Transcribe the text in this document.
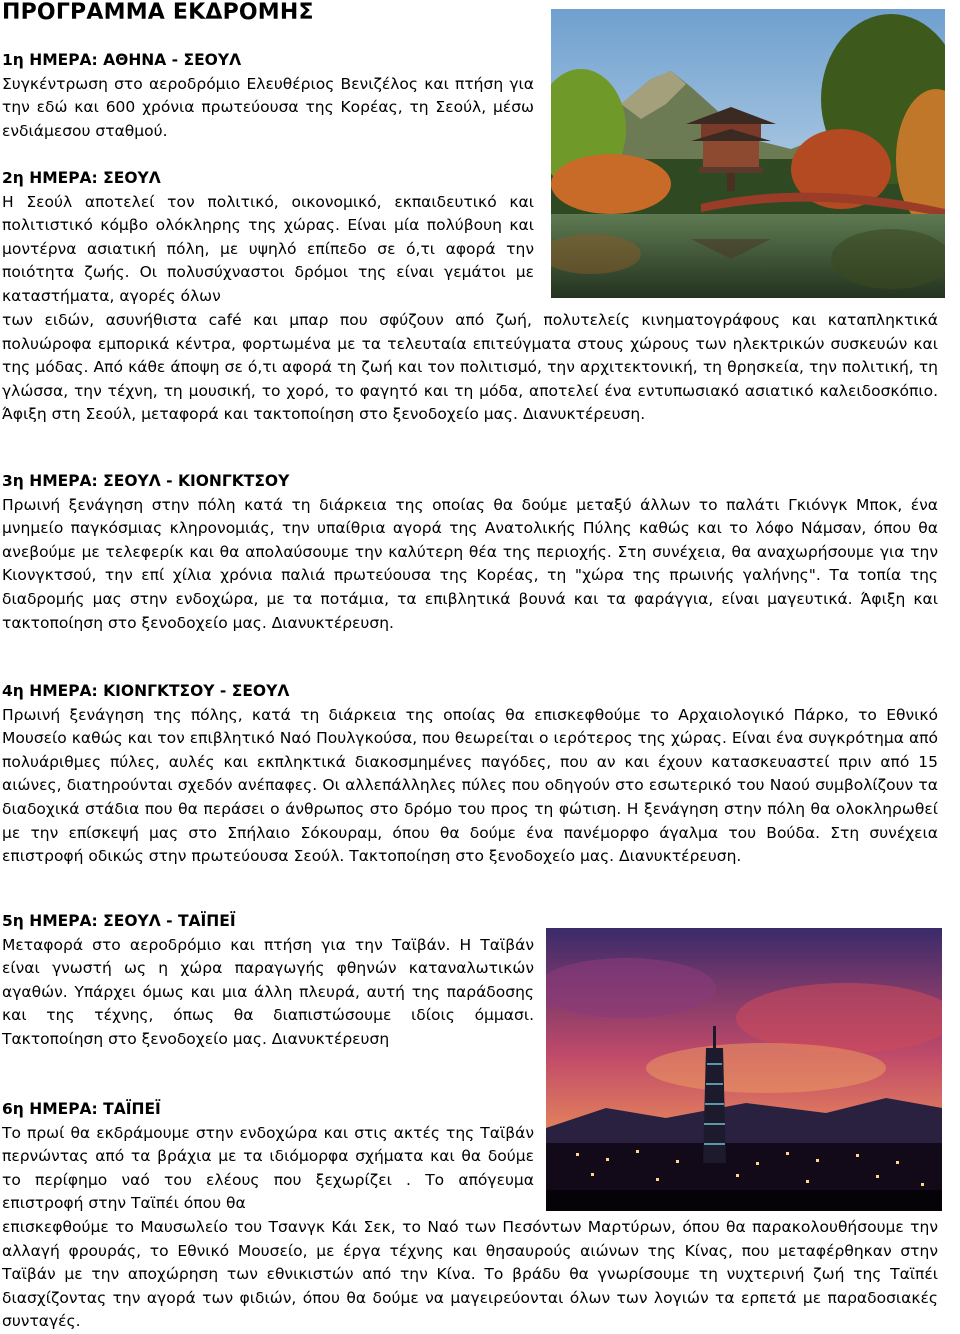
ΠΡΟΓΡΑΜΜΑ ΕΚΔΡΟΜΗΣ
1η ΗΜΕΡΑ: ΑΘΗΝΑ - ΣΕΟΥΛ

Συγκέντρωση στο αεροδρόμιο Ελευθέριος Βενιζέλος και πτήση για την εδώ και 600 χρόνια πρωτεύουσα της Κορέας, τη Σεούλ, μέσω ενδιάμεσου σταθμού.

2η ΗΜΕΡΑ: ΣΕΟΥΛ

Η Σεούλ αποτελεί τον πολιτικό, οικονομικό, εκπαιδευτικό και πολιτιστικό κόμβο ολόκληρης της χώρας. Είναι μία πολύβουη και μοντέρνα ασιατική πόλη, με υψηλό επίπεδο σε ό,τι αφορά την ποιότητα ζωής. Οι πολυσύχναστοι δρόμοι της είναι γεμάτοι με καταστήματα, αγορές όλων

των ειδών, ασυνήθιστα café και μπαρ που σφύζουν από ζωή, πολυτελείς κινηματογράφους και καταπληκτικά πολυώροφα εμπορικά κέντρα, φορτωμένα με τα τελευταία επιτεύγματα στους χώρους των ηλεκτρικών συσκευών και της μόδας. Από κάθε άποψη σε ό,τι αφορά τη ζωή και τον πολιτισμό, την αρχιτεκτονική, τη θρησκεία, την πολιτική, τη γλώσσα, την τέχνη, τη μουσική, το χορό, το φαγητό και τη μόδα, αποτελεί ένα εντυπωσιακό ασιατικό καλειδοσκόπιο. Άφιξη στη Σεούλ, μεταφορά και τακτοποίηση στο ξενοδοχείο μας. Διανυκτέρευση.

3η ΗΜΕΡΑ: ΣΕΟΥΛ - ΚΙΟΝΓΚΤΣΟΥ

Πρωινή ξενάγηση στην πόλη κατά τη διάρκεια της οποίας θα δούμε μεταξύ άλλων το παλάτι Γκιόνγκ Μποκ, ένα μνημείο παγκόσμιας κληρονομιάς, την υπαίθρια αγορά της Ανατολικής Πύλης καθώς και το λόφο Νάμσαν, όπου θα ανεβούμε με τελεφερίκ και θα απολαύσουμε την καλύτερη θέα της περιοχής. Στη συνέχεια, θα αναχωρήσουμε για την Κιονγκτσού, την επί χίλια χρόνια παλιά πρωτεύουσα της Κορέας, τη "χώρα της πρωινής γαλήνης". Τα τοπία της διαδρομής μας στην ενδοχώρα, με τα ποτάμια, τα επιβλητικά βουνά και τα φαράγγια, είναι μαγευτικά. Άφιξη και τακτοποίηση στο ξενοδοχείο μας. Διανυκτέρευση.

4η ΗΜΕΡΑ: ΚΙΟΝΓΚΤΣΟΥ - ΣΕΟΥΛ

Πρωινή ξενάγηση της πόλης, κατά τη διάρκεια της οποίας θα επισκεφθούμε το Αρχαιολογικό Πάρκο, το Εθνικό Μουσείο καθώς και τον επιβλητικό Ναό Πουλγκούσα, που θεωρείται ο ιερότερος της χώρας. Είναι ένα συγκρότημα από πολυάριθμες πύλες, αυλές και εκπληκτικά διακοσμημένες παγόδες, που αν και έχουν κατασκευαστεί πριν από 15 αιώνες, διατηρούνται σχεδόν ανέπαφες. Οι αλλεπάλληλες πύλες που οδηγούν στο εσωτερικό του Ναού συμβολίζουν τα διαδοχικά στάδια που θα περάσει ο άνθρωπος στο δρόμο του προς τη φώτιση. Η ξενάγηση στην πόλη θα ολοκληρωθεί με την επίσκεψή μας στο Σπήλαιο Σόκουραμ, όπου θα δούμε ένα πανέμορφο άγαλμα του Βούδα. Στη συνέχεια επιστροφή οδικώς στην πρωτεύουσα Σεούλ. Τακτοποίηση στο ξενοδοχείο μας. Διανυκτέρευση.

5η ΗΜΕΡΑ: ΣΕΟΥΛ - ΤΑΪΠΕΪ

Μεταφορά στο αεροδρόμιο και πτήση για την Ταϊβάν. Η Ταϊβάν είναι γνωστή ως η χώρα παραγωγής φθηνών καταναλωτικών αγαθών. Υπάρχει όμως και μια άλλη πλευρά, αυτή της παράδοσης και της τέχνης, όπως θα διαπιστώσουμε ιδίοις όμμασι. Τακτοποίηση στο ξενοδοχείο μας. Διανυκτέρευση

6η ΗΜΕΡΑ: ΤΑΪΠΕΪ

Το πρωί θα εκδράμουμε στην ενδοχώρα και στις ακτές της Ταϊβάν περνώντας από τα βράχια με τα ιδιόμορφα σχήματα και θα δούμε το περίφημο ναό του ελέους που ξεχωρίζει . Το απόγευμα επιστροφή στην Ταϊπέι όπου θα

επισκεφθούμε το Μαυσωλείο του Τσανγκ Κάι Σεκ, το Ναό των Πεσόντων Μαρτύρων, όπου θα παρακολουθήσουμε την αλλαγή φρουράς, το Εθνικό Μουσείο, με έργα τέχνης και θησαυρούς αιώνων της Κίνας, που μεταφέρθηκαν στην Ταϊβάν με την αποχώρηση των εθνικιστών από την Κίνα. Το βράδυ θα γνωρίσουμε τη νυχτερινή ζωή της Ταϊπέι διασχίζοντας την αγορά των φιδιών, όπου θα δούμε να μαγειρεύονται όλων των λογιών τα ερπετά με παραδοσιακές συνταγές.
